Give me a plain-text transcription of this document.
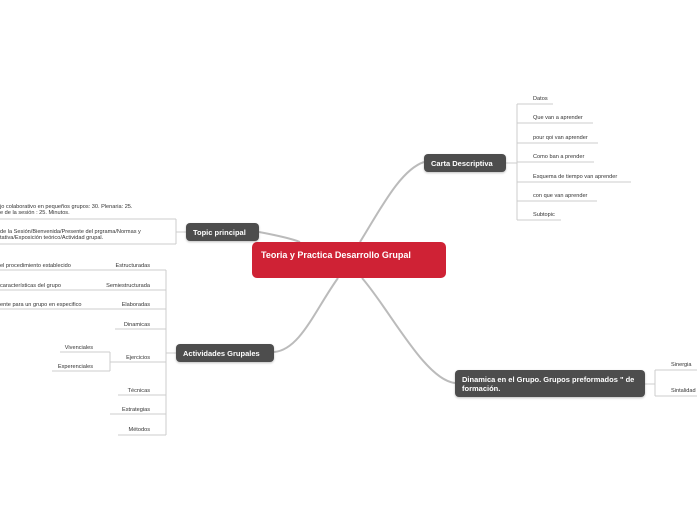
Teoria y Practica Desarrollo Grupal
Carta Descriptiva
Datos
Que van a aprender
pour qoi van aprender
Como ban a prender
Esquema de tiempo van aprender
con que van aprender
Subtopic
Topic principal
jo colaborativo en pequeños grupos: 30. Plenaria: 25.
e de la sesión : 25. Minutos.
de la Sesión/Bienvenida/Presente del prgrama/Normas y
tativa/Exposición teórico/Actividad grupal.
Actividades Grupales
Estructuradas
el procedimiento establecido
Semiestructurada
características del grupo
Elaboradas
ente para un grupo en especifico
Dinamicas
Ejercicios
Vivenciales
Experenciales
Técnicas
Estrategias
Métodos
Dinamica en el Grupo. Grupos preformados " de formación.
Sinergia
Sintalidad
